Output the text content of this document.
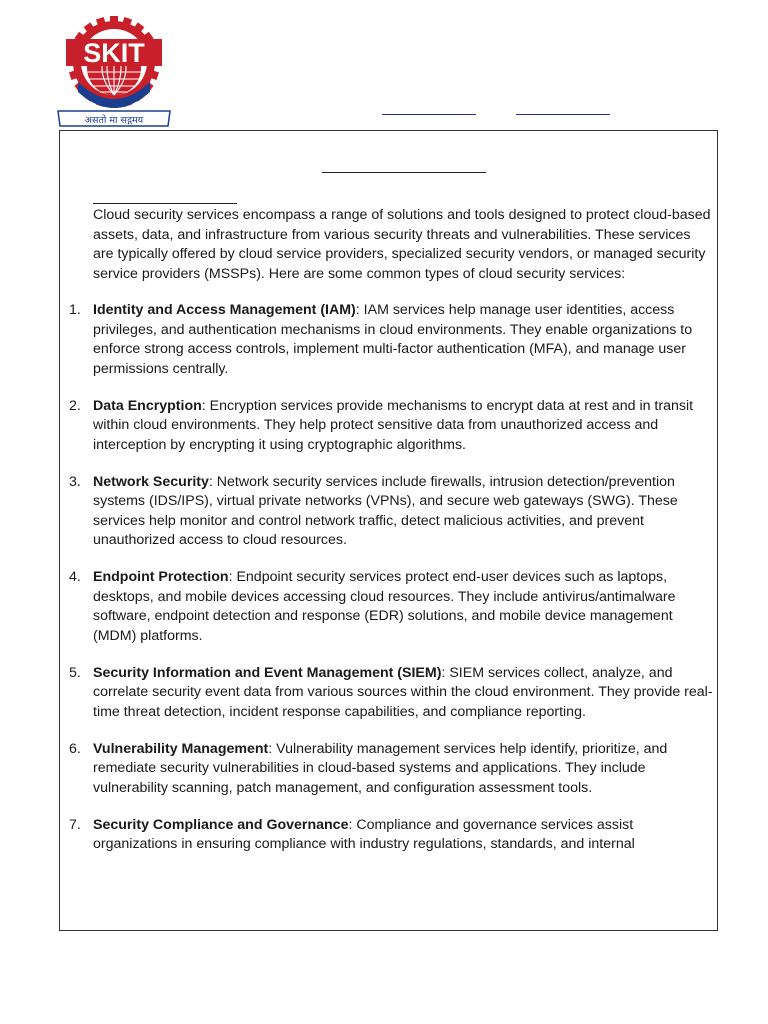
SKIT
असतो मा सद्गमय

Cloud security services encompass a range of solutions and tools designed to protect cloud-based assets, data, and infrastructure from various security threats and vulnerabilities. These services are typically offered by cloud service providers, specialized security vendors, or managed security service providers (MSSPs). Here are some common types of cloud security services:

1. Identity and Access Management (IAM): IAM services help manage user identities, access privileges, and authentication mechanisms in cloud environments. They enable organizations to enforce strong access controls, implement multi-factor authentication (MFA), and manage user permissions centrally.
2. Data Encryption: Encryption services provide mechanisms to encrypt data at rest and in transit within cloud environments. They help protect sensitive data from unauthorized access and interception by encrypting it using cryptographic algorithms.
3. Network Security: Network security services include firewalls, intrusion detection/prevention systems (IDS/IPS), virtual private networks (VPNs), and secure web gateways (SWG). These services help monitor and control network traffic, detect malicious activities, and prevent unauthorized access to cloud resources.
4. Endpoint Protection: Endpoint security services protect end-user devices such as laptops, desktops, and mobile devices accessing cloud resources. They include antivirus/antimalware software, endpoint detection and response (EDR) solutions, and mobile device management (MDM) platforms.
5. Security Information and Event Management (SIEM): SIEM services collect, analyze, and correlate security event data from various sources within the cloud environment. They provide real-time threat detection, incident response capabilities, and compliance reporting.
6. Vulnerability Management: Vulnerability management services help identify, prioritize, and remediate security vulnerabilities in cloud-based systems and applications. They include vulnerability scanning, patch management, and configuration assessment tools.
7. Security Compliance and Governance: Compliance and governance services assist organizations in ensuring compliance with industry regulations, standards, and internal
